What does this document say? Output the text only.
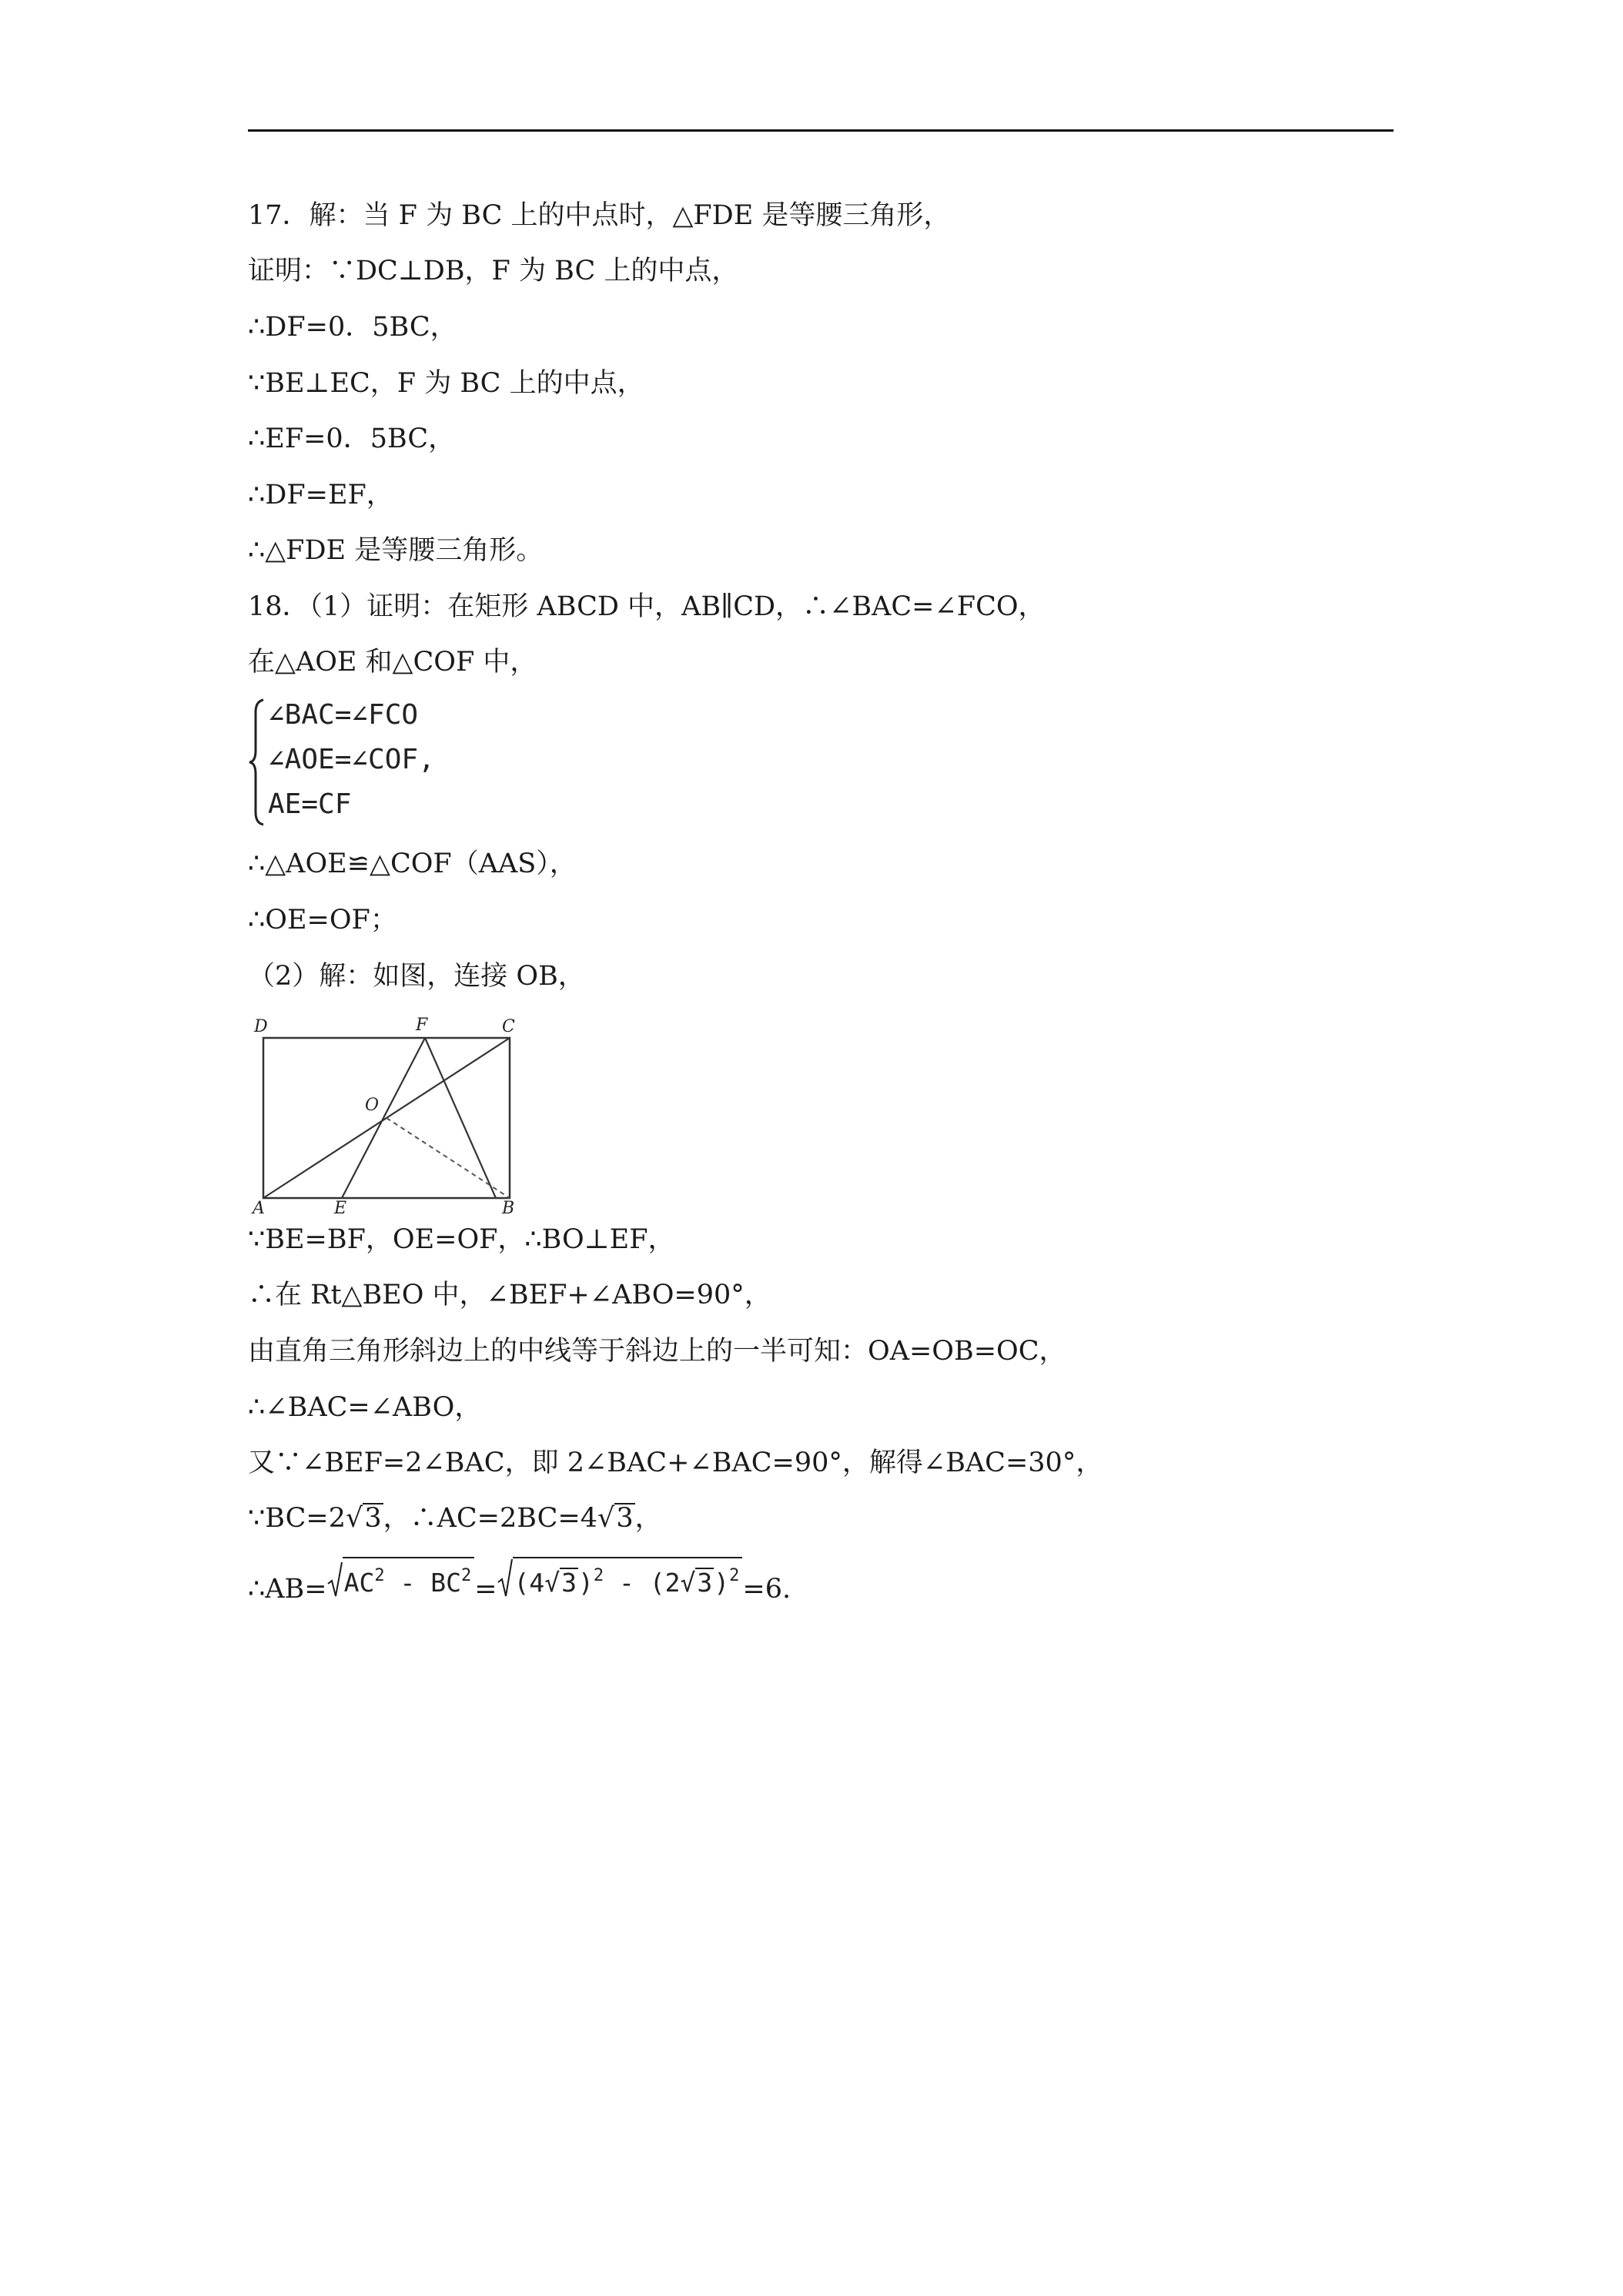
17．解：当 F 为 BC 上的中点时，△FDE 是等腰三角形，
证明：∵DC⊥DB，F 为 BC 上的中点，
∴DF=0．5BC，
∵BE⊥EC，F 为 BC 上的中点，
∴EF=0．5BC，
∴DF=EF，
∴△FDE 是等腰三角形。
18．（1）证明：在矩形 ABCD 中，AB∥CD，∴∠BAC=∠FCO，
在△AOE 和△COF 中，
∠BAC=∠FCO
∠AOE=∠COF,
AE=CF
∴△AOE≌△COF（AAS），
∴OE=OF；
（2）解：如图，连接 OB，
D	F	C
O
A	E	B
∵BE=BF，OE=OF，∴BO⊥EF，
∴在 Rt△BEO 中，∠BEF+∠ABO=90°，
由直角三角形斜边上的中线等于斜边上的一半可知：OA=OB=OC，
∴∠BAC=∠ABO，
又∵∠BEF=2∠BAC，即 2∠BAC+∠BAC=90°，解得∠BAC=30°，
∵BC=2√3，∴AC=2BC=4√3，
∴AB= $AC^2 - BC^2 = (4√3)^2 - (2√3)^2 =6$.
